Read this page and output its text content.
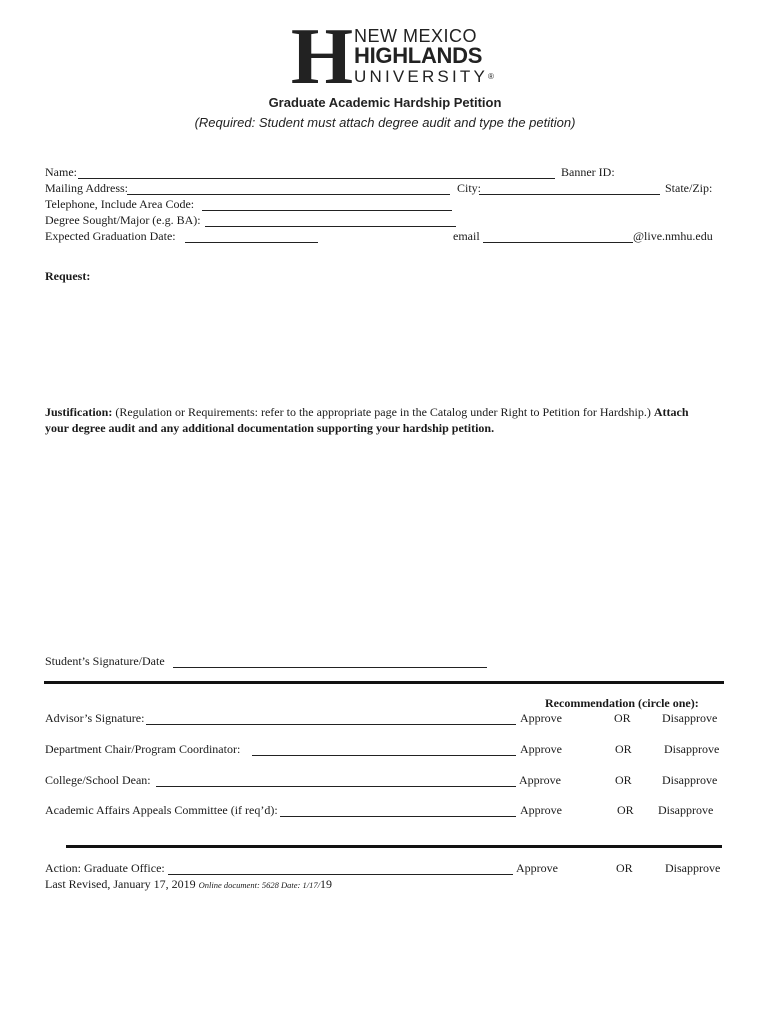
H NEW MEXICO
HIGHLANDS
UNIVERSITY®
Graduate Academic Hardship Petition
(Required: Student must attach degree audit and type the petition)
Name:	Banner ID:
Mailing Address:	City:	State/Zip:
Telephone, Include Area Code:
Degree Sought/Major (e.g. BA):
Expected Graduation Date:	email	@live.nmhu.edu
Request:
Justification: (Regulation or Requirements: refer to the appropriate page in the Catalog under Right to Petition for Hardship.) Attach
your degree audit and any additional documentation supporting your hardship petition.
Student’s Signature/Date
Recommendation (circle one):
Advisor’s Signature:	Approve	OR	Disapprove
Department Chair/Program Coordinator:	Approve	OR	Disapprove
College/School Dean:	Approve	OR	Disapprove
Academic Affairs Appeals Committee (if req’d):	Approve	OR Disapprove
Action: Graduate Office:	Approve	OR	Disapprove
Last Revised, January 17, 2019 Online document: 5628 Date: 1/17/19
